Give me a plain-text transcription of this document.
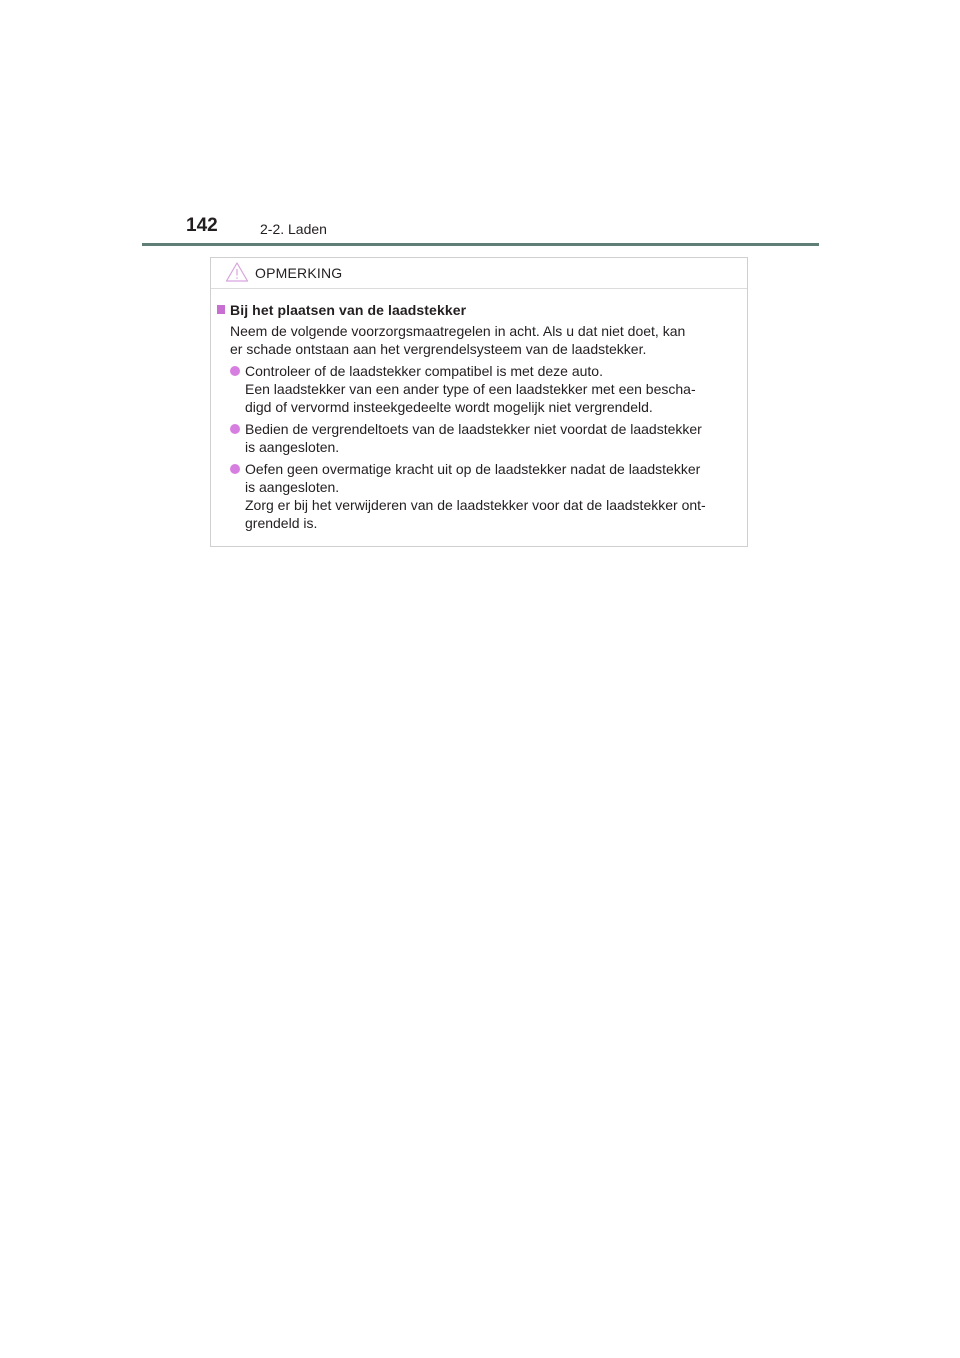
142	2-2. Laden
OPMERKING
Bij het plaatsen van de laadstekker
Neem de volgende voorzorgsmaatregelen in acht. Als u dat niet doet, kan
er schade ontstaan aan het vergrendelsysteem van de laadstekker.
Controleer of de laadstekker compatibel is met deze auto.
Een laadstekker van een ander type of een laadstekker met een bescha-
digd of vervormd insteekgedeelte wordt mogelijk niet vergrendeld.
Bedien de vergrendeltoets van de laadstekker niet voordat de laadstekker
is aangesloten.
Oefen geen overmatige kracht uit op de laadstekker nadat de laadstekker
is aangesloten.
Zorg er bij het verwijderen van de laadstekker voor dat de laadstekker ont-
grendeld is.
